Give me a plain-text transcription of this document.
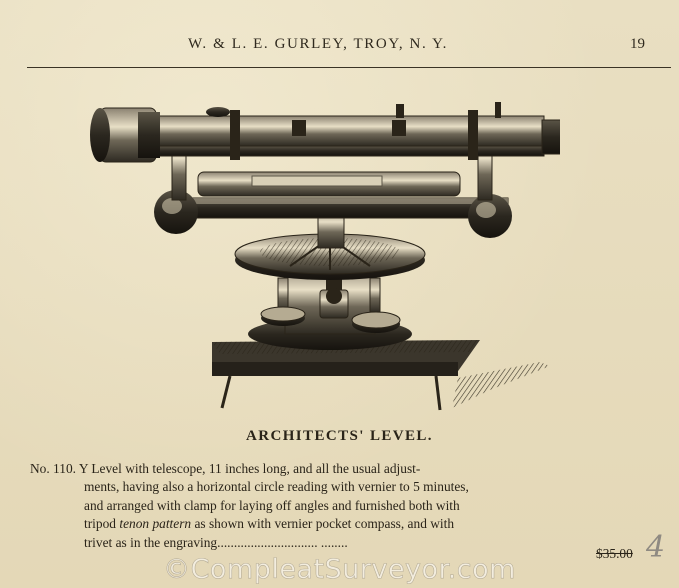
W. & L. E. GURLEY, TROY, N. Y.	19
ARCHITECTS' LEVEL.
No. 110. Y Level with telescope, 11 inches long, and all the usual adjust-
ments, having also a horizontal circle reading with vernier to 5 minutes,
and arranged with clamp for laying off angles and furnished both with
tripod tenon pattern as shown with vernier pocket compass, and with
trivet as in the engraving.............................. ........
$35.00 4
©CompleatSurveyor.com
